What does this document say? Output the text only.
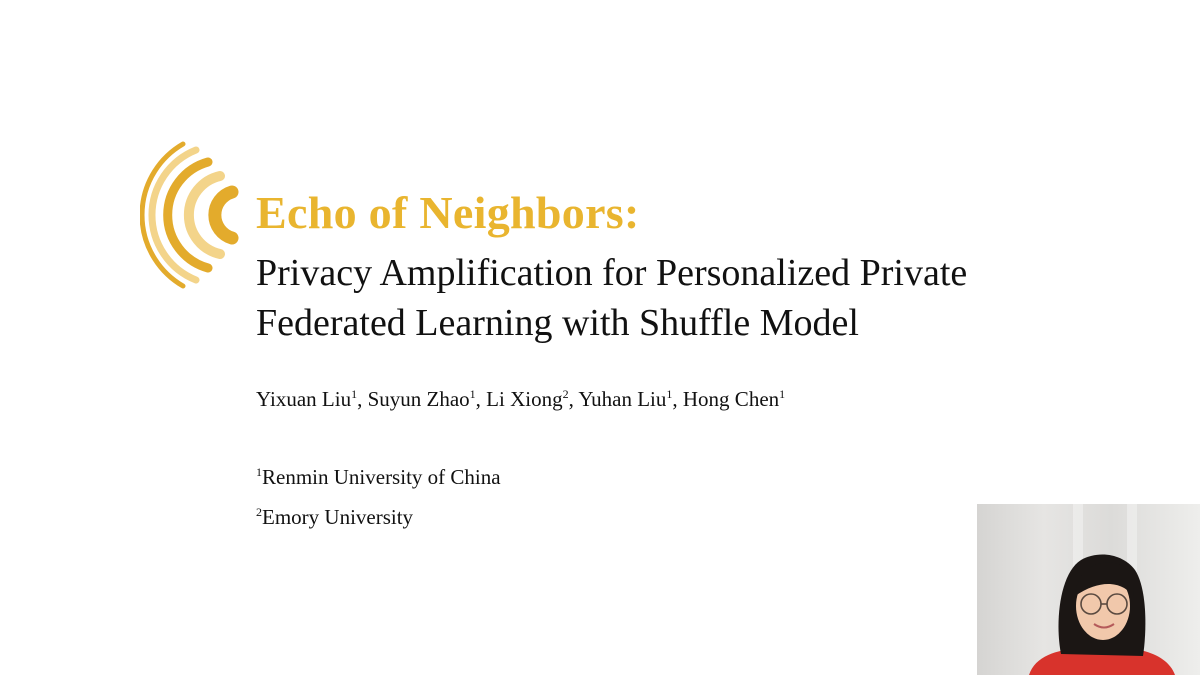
Echo of Neighbors:
Privacy Amplification for Personalized Private
Federated Learning with Shuffle Model
Yixuan Liu$^1$, Suyun Zhao$^1$, Li Xiong$^2$, Yuhan Liu$^1$, Hong Chen$^1$
$^1$Renmin University of China
$^2$Emory University
